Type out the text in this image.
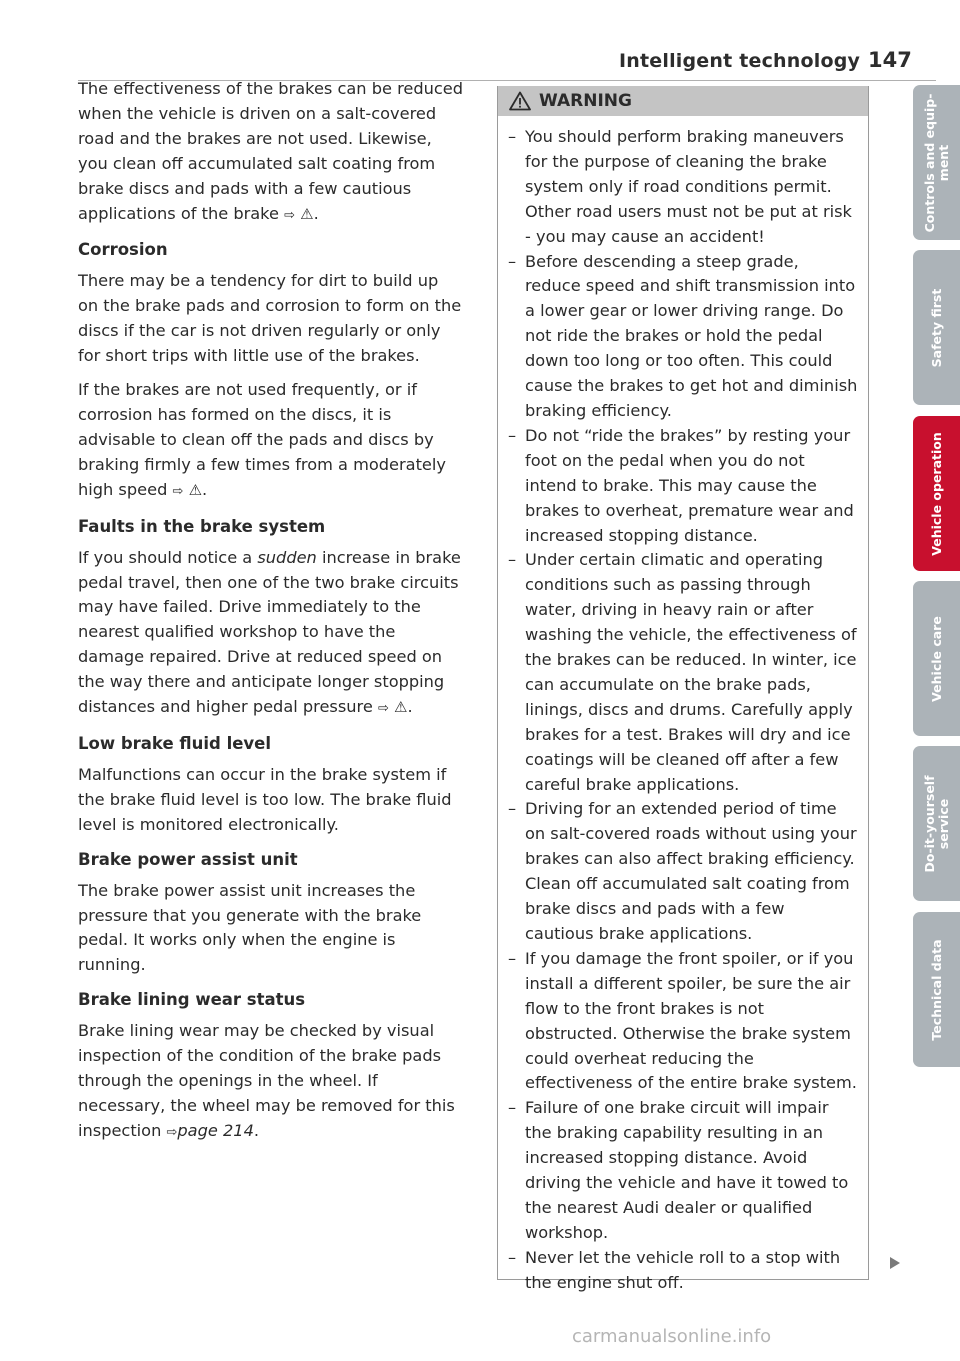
Intelligent technology 147

The effectiveness of the brakes can be reduced when the vehicle is driven on a salt-covered road and the brakes are not used. Likewise, you clean off accumulated salt coating from brake discs and pads with a few cautious applications of the brake ⇨ ⚠.

Corrosion

There may be a tendency for dirt to build up on the brake pads and corrosion to form on the discs if the car is not driven regularly or only for short trips with little use of the brakes.

If the brakes are not used frequently, or if corrosion has formed on the discs, it is advisable to clean off the pads and discs by braking firmly a few times from a moderately high speed ⇨ ⚠.

Faults in the brake system

If you should notice a sudden increase in brake pedal travel, then one of the two brake circuits may have failed. Drive immediately to the nearest qualified workshop to have the damage repaired. Drive at reduced speed on the way there and anticipate longer stopping distances and higher pedal pressure ⇨ ⚠.

Low brake fluid level

Malfunctions can occur in the brake system if the brake fluid level is too low. The brake fluid level is monitored electronically.

Brake power assist unit

The brake power assist unit increases the pressure that you generate with the brake pedal. It works only when the engine is running.

Brake lining wear status

Brake lining wear may be checked by visual inspection of the condition of the brake pads through the openings in the wheel. If necessary, the wheel may be removed for this inspection ⇨page 214.

WARNING
– You should perform braking maneuvers for the purpose of cleaning the brake system only if road conditions permit. Other road users must not be put at risk - you may cause an accident!
– Before descending a steep grade, reduce speed and shift transmission into a lower gear or lower driving range. Do not ride the brakes or hold the pedal down too long or too often. This could cause the brakes to get hot and diminish braking efficiency.
– Do not “ride the brakes” by resting your foot on the pedal when you do not intend to brake. This may cause the brakes to overheat, premature wear and increased stopping distance.
– Under certain climatic and operating conditions such as passing through water, driving in heavy rain or after washing the vehicle, the effectiveness of the brakes can be reduced. In winter, ice can accumulate on the brake pads, linings, discs and drums. Carefully apply brakes for a test. Brakes will dry and ice coatings will be cleaned off after a few careful brake applications.
– Driving for an extended period of time on salt-covered roads without using your brakes can also affect braking efficiency. Clean off accumulated salt coating from brake discs and pads with a few cautious brake applications.
– If you damage the front spoiler, or if you install a different spoiler, be sure the air flow to the front brakes is not obstructed. Otherwise the brake system could overheat reducing the effectiveness of the entire brake system.
– Failure of one brake circuit will impair the braking capability resulting in an increased stopping distance. Avoid driving the vehicle and have it towed to the nearest Audi dealer or qualified workshop.
– Never let the vehicle roll to a stop with the engine shut off.
Controls and equip- ment
Safety first
Vehicle operation
Vehicle care
Do-it-yourself service
Technical data
carmanualsonline.info
